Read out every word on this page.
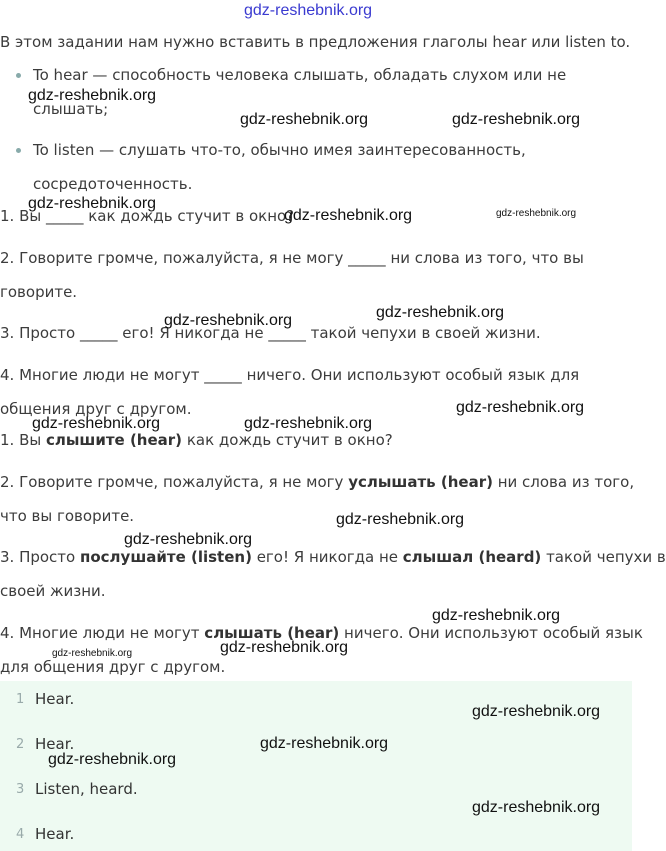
gdz-reshebnik.org
В этом задании нам нужно вставить в предложения глаголы hear или listen to.
To hear — способность человека слышать, обладать слухом или не
слышать;
To listen — слушать что-то, обычно имея заинтересованность,
сосредоточенность.
1. Вы _____ как дождь стучит в окно?
2. Говорите громче, пожалуйста, я не могу _____ ни слова из того, что вы
говорите.
3. Просто _____ его! Я никогда не _____ такой чепухи в своей жизни.
4. Многие люди не могут _____ ничего. Они используют особый язык для
общения друг с другом.
1. Вы слышите (hear) как дождь стучит в окно?
2. Говорите громче, пожалуйста, я не могу услышать (hear) ни слова из того,
что вы говорите.
3. Просто послушайте (listen) его! Я никогда не слышал (heard) такой чепухи в
своей жизни.
4. Многие люди не могут слышать (hear) ничего. Они используют особый язык
для общения друг с другом.
1 Hear.
2 Hear.
3 Listen, heard.
4 Hear.
gdz-reshebnik.org
gdz-reshebnik.org	gdz-reshebnik.org
gdz-reshebnik.org
gdz-reshebnik.org	gdz-reshebnik.org
gdz-reshebnik.org
gdz-reshebnik.org
gdz-reshebnik.org
gdz-reshebnik.org	gdz-reshebnik.org
gdz-reshebnik.org
gdz-reshebnik.org
gdz-reshebnik.org
gdz-reshebnik.org
gdz-reshebnik.org
gdz-reshebnik.org
gdz-reshebnik.org
gdz-reshebnik.org
gdz-reshebnik.org
